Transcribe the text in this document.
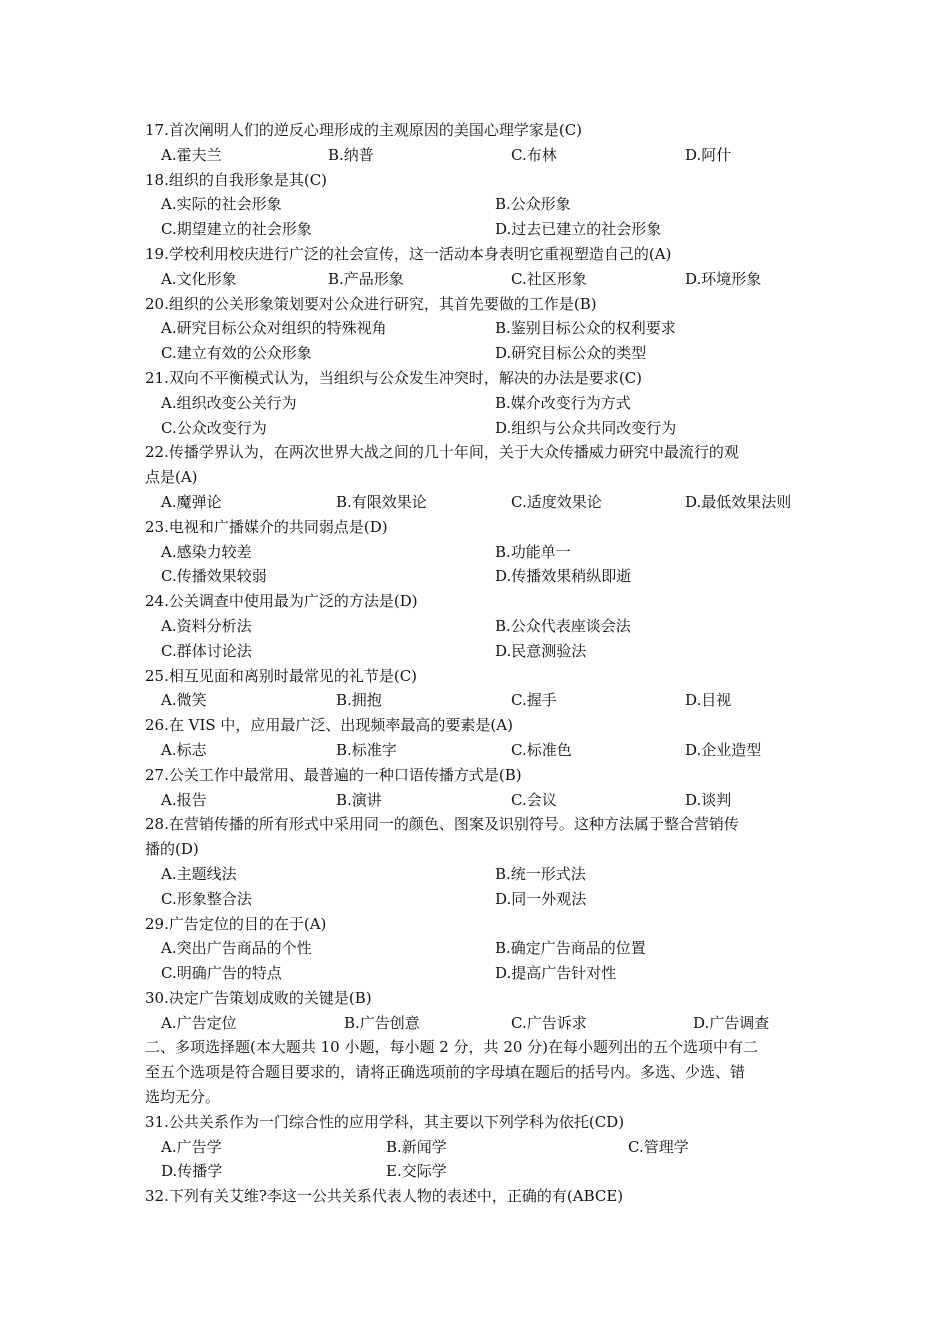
17.首次阐明人们的逆反心理形成的主观原因的美国心理学家是(C)
A.霍夫兰	B.纳普	C.布林	D.阿什
18.组织的自我形象是其(C)
A.实际的社会形象	B.公众形象
C.期望建立的社会形象	D.过去已建立的社会形象
19.学校利用校庆进行广泛的社会宣传，这一活动本身表明它重视塑造自己的(A)
A.文化形象	B.产品形象	C.社区形象	D.环境形象
20.组织的公关形象策划要对公众进行研究，其首先要做的工作是(B)
A.研究目标公众对组织的特殊视角	B.鉴别目标公众的权利要求
C.建立有效的公众形象	D.研究目标公众的类型
21.双向不平衡模式认为，当组织与公众发生冲突时，解决的办法是要求(C)
A.组织改变公关行为	B.媒介改变行为方式
C.公众改变行为	D.组织与公众共同改变行为
22.传播学界认为，在两次世界大战之间的几十年间，关于大众传播威力研究中最流行的观
点是(A)
A.魔弹论	B.有限效果论	C.适度效果论	D.最低效果法则
23.电视和广播媒介的共同弱点是(D)
A.感染力较差	B.功能单一
C.传播效果较弱	D.传播效果稍纵即逝
24.公关调查中使用最为广泛的方法是(D)
A.资料分析法	B.公众代表座谈会法
C.群体讨论法	D.民意测验法
25.相互见面和离别时最常见的礼节是(C)
A.微笑	B.拥抱	C.握手	D.目视
26.在 VIS 中，应用最广泛、出现频率最高的要素是(A)
A.标志	B.标准字	C.标准色	D.企业造型
27.公关工作中最常用、最普遍的一种口语传播方式是(B)
A.报告	B.演讲	C.会议	D.谈判
28.在营销传播的所有形式中采用同一的颜色、图案及识别符号。这种方法属于整合营销传
播的(D)
A.主题线法	B.统一形式法
C.形象整合法	D.同一外观法
29.广告定位的目的在于(A)
A.突出广告商品的个性	B.确定广告商品的位置
C.明确广告的特点	D.提高广告针对性
30.决定广告策划成败的关键是(B)
A.广告定位	B.广告创意	C.广告诉求	D.广告调查
二、多项选择题(本大题共 10 小题，每小题 2 分，共 20 分)在每小题列出的五个选项中有二
至五个选项是符合题目要求的，请将正确选项前的字母填在题后的括号内。多选、少选、错
选均无分。
31.公共关系作为一门综合性的应用学科，其主要以下列学科为依托(CD)
A.广告学	B.新闻学	C.管理学
D.传播学	E.交际学
32.下列有关艾维?李这一公共关系代表人物的表述中，正确的有(ABCE)
